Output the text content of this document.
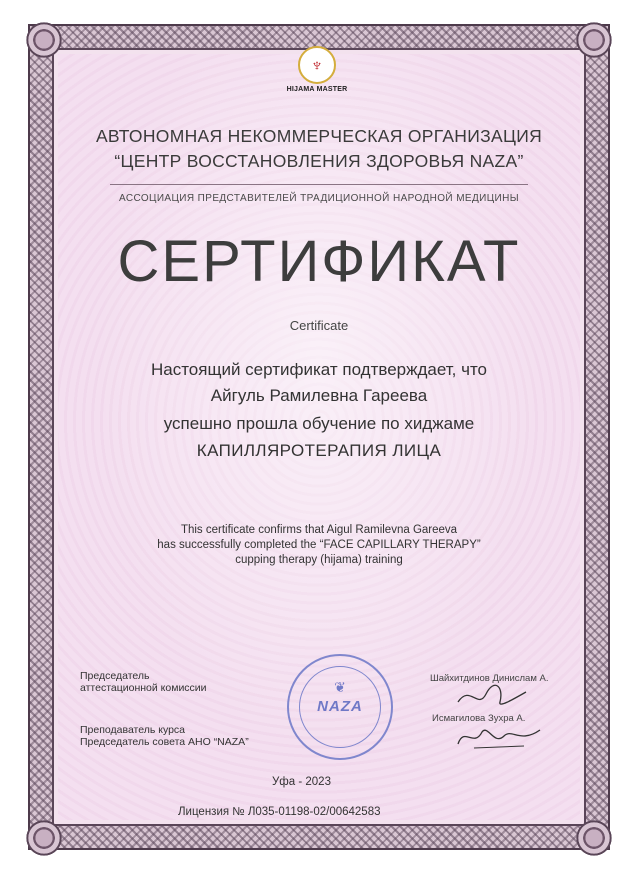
♆
HIJAMA MASTER
АВТОНОМНАЯ НЕКОММЕРЧЕСКАЯ ОРГАНИЗАЦИЯ
“ЦЕНТР ВОССТАНОВЛЕНИЯ ЗДОРОВЬЯ NAZA”
АССОЦИАЦИЯ ПРЕДСТАВИТЕЛЕЙ ТРАДИЦИОННОЙ НАРОДНОЙ МЕДИЦИНЫ
СЕРТИФИКАТ
Certificate
Настоящий сертификат подтверждает, что
Айгуль Рамилевна Гареева
успешно прошла обучение по хиджаме
КАПИЛЛЯРОТЕРАПИЯ ЛИЦА
This certificate confirms that Aigul Ramilevna Gareeva
has successfully completed the “FACE CAPILLARY THERAPY”
cupping therapy (hijama) training
Председатель
аттестационной комиссии
Преподаватель курса
Председатель совета АНО “NAZA”
❦
NAZA
Шайхитдинов Динислам А.
Исмагилова Зухра А.
Уфа - 2023
Лицензия № Л035-01198-02/00642583
